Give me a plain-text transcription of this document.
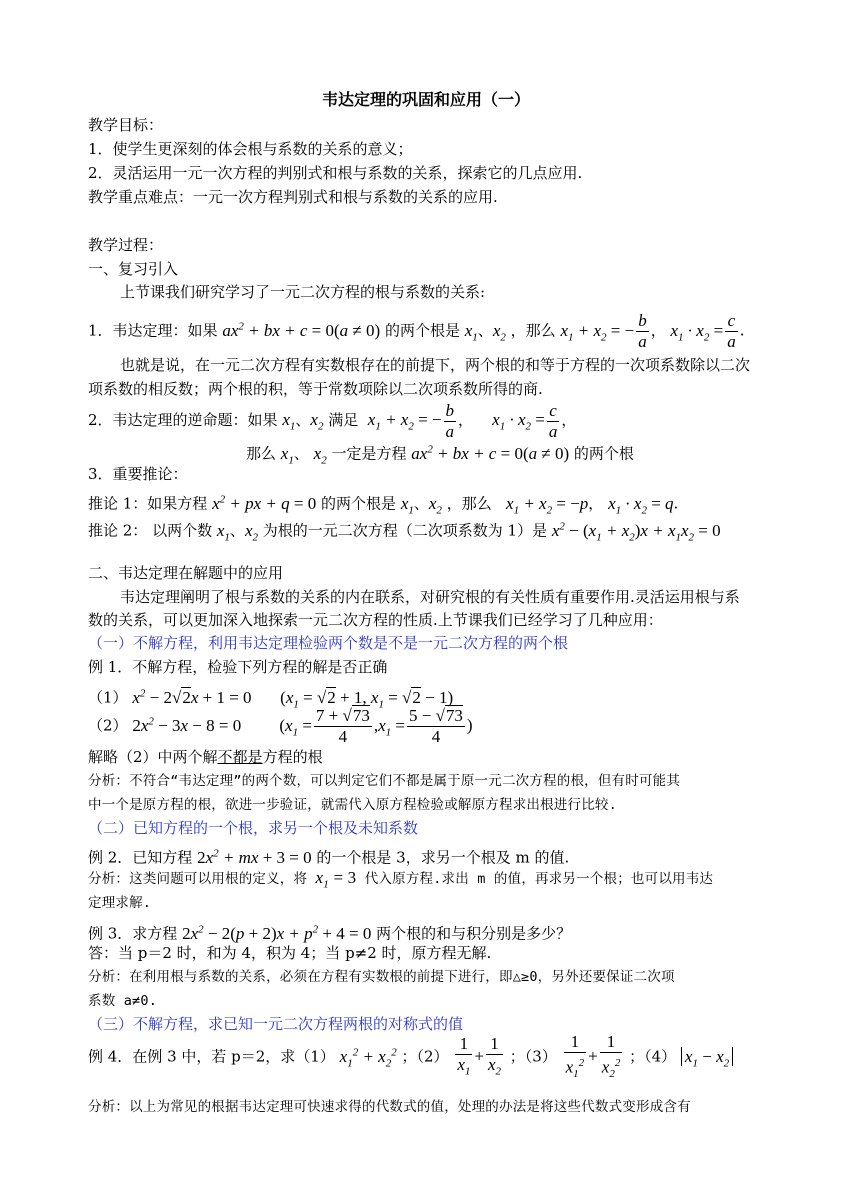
韦达定理的巩固和应用（一）
教学目标：
1．使学生更深刻的体会根与系数的关系的意义；
2．灵活运用一元一次方程的判别式和根与系数的关系，探索它的几点应用.
教学重点难点：一元一次方程判别式和根与系数的关系的应用.
教学过程：
一、复习引入
上节课我们研究学习了一元二次方程的根与系数的关系:
1．韦达定理：如果 $ax^2$ + bx + c = 0(a ≠ 0) 的两个根是 $x_1$、$x_2$ ，那么 $x_1 + x_2$ = − $\frac{b}{a}$ ， $x_1 \cdot x_2 = \frac{c}{a}$ .
也就是说，在一元二次方程有实数根存在的前提下，两个根的和等于方程的一次项系数除以二次
项系数的相反数；两个根的积，等于常数项除以二次项系数所得的商.
2．韦达定理的逆命题：如果 $x_1$、$x_2$ 满足 $x_1 + x_2$ = − $\frac{b}{a}$ ， $x_1 \cdot x_2 = \frac{c}{a}$ ，
那么 $x_1$、 $x_2$ 一定是方程 $ax^2$ + bx + c = 0(a ≠ 0) 的两个根
3．重要推论：
推论 1：如果方程 $x^2$ + px + q = 0 的两个根是 $x_1$、$x_2$ ，那么 $x_1 + x_2 = -p$， $x_1 \cdot x_2 = q$.
推论 2： 以两个数 $x_1$、$x_2$ 为根的一元二次方程（二次项系数为 1）是 $x^2 - (x_1 + x_2)x + x_1x_2 = 0$
二、韦达定理在解题中的应用
韦达定理阐明了根与系数的关系的内在联系，对研究根的有关性质有重要作用.灵活运用根与系
数的关系，可以更加深入地探索一元二次方程的性质.上节课我们已经学习了几种应用：
（一）不解方程，利用韦达定理检验两个数是不是一元二次方程的两个根
例 1．不解方程，检验下列方程的解是否正确
（1） $x^2 - 2√2x + 1 = 0$ ($x_1 = √2 + 1$, $x_1 = √2 - 1$)
（2） $2x^2 - 3x - 8 = 0$ ($x_1 = \frac{7 + √73}{4} ,x_1 = \frac{5 - √73}{4}$ )
解略（2）中两个解不都是方程的根
分析：不符合“韦达定理”的两个数，可以判定它们不都是属于原一元二次方程的根，但有时可能其
中一个是原方程的根，欲进一步验证，就需代入原方程检验或解原方程求出根进行比较.
（二）已知方程的一个根，求另一个根及未知系数
例 2．已知方程 $2x^2$ + mx + 3 = 0 的一个根是 3，求另一个根及 m 的值.
分析：这类问题可以用根的定义，将 $x_1 = 3$ 代入原方程.求出 m 的值，再求另一个根；也可以用韦达
定理求解.
例 3．求方程 $2x^2 - 2(p + 2)x + p^2 + 4 = 0$ 两个根的和与积分别是多少？
答：当 p＝2 时，和为 4，积为 4；当 p≠2 时，原方程无解.
分析：在利用根与系数的关系，必须在方程有实数根的前提下进行，即△≥0，另外还要保证二次项
系数 a≠0.
（三）不解方程，求已知一元二次方程两根的对称式的值
例 4．在例 3 中，若 p＝2，求（1） $x_1^2 + x_2^2$ ；$(2) \frac{1}{x_1} + \frac{1}{x_2}$ ；$(3) \frac{1}{x_1^2} + \frac{1}{x_2^2}$ ；（4） $x_1 - x_2$
分析：以上为常见的根据韦达定理可快速求得的代数式的值，处理的办法是将这些代数式变形成含有
